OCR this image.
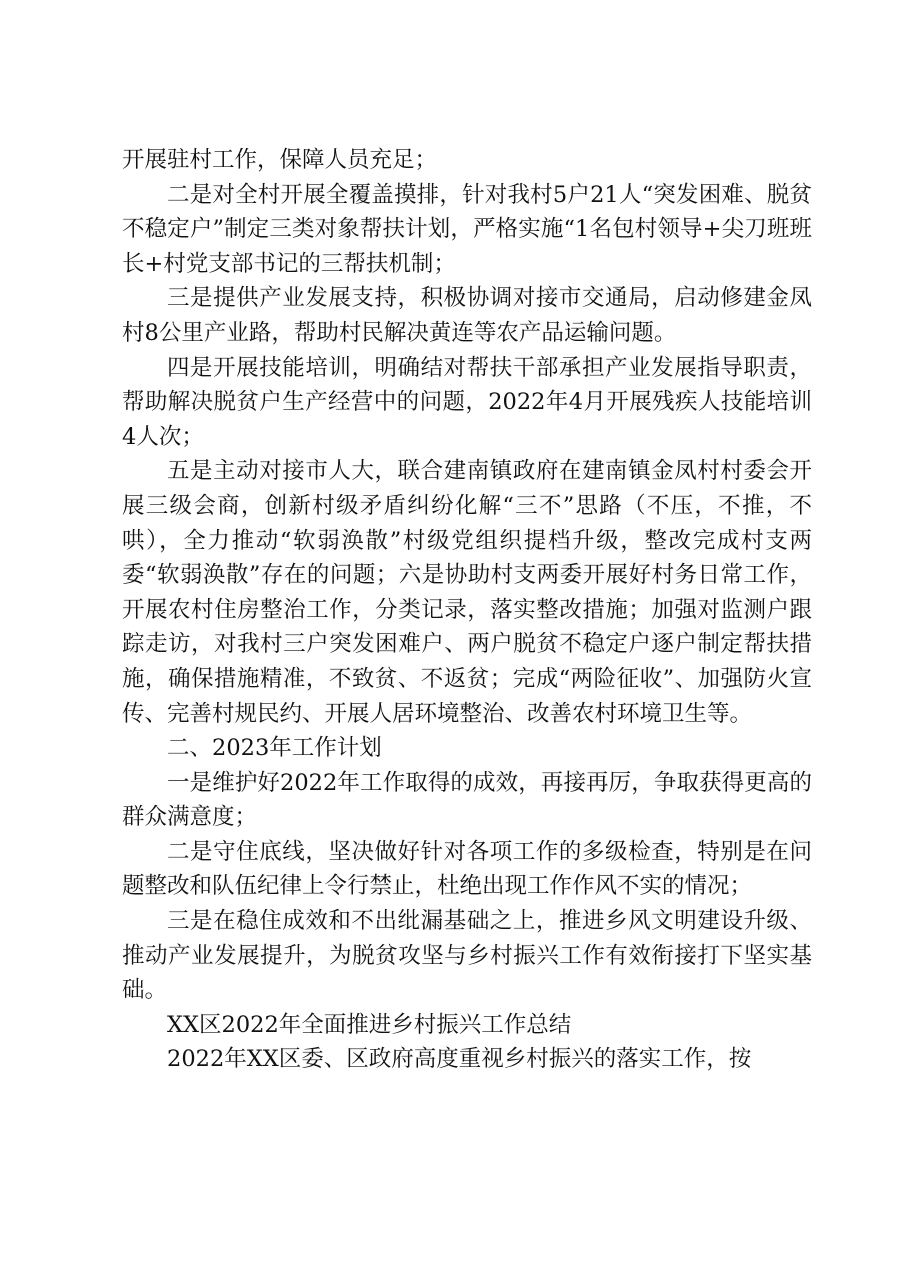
开展驻村工作，保障人员充足；

二是对全村开展全覆盖摸排，针对我村5户21人“突发困难、脱贫不稳定户”制定三类对象帮扶计划，严格实施“1名包村领导+尖刀班班长+村党支部书记的三帮扶机制；

三是提供产业发展支持，积极协调对接市交通局，启动修建金凤村8公里产业路，帮助村民解决黄连等农产品运输问题。

四是开展技能培训，明确结对帮扶干部承担产业发展指导职责，帮助解决脱贫户生产经营中的问题，2022年4月开展残疾人技能培训4人次；

五是主动对接市人大，联合建南镇政府在建南镇金凤村村委会开展三级会商，创新村级矛盾纠纷化解“三不”思路（不压，不推，不哄），全力推动“软弱涣散”村级党组织提档升级，整改完成村支两委“软弱涣散”存在的问题；六是协助村支两委开展好村务日常工作，开展农村住房整治工作，分类记录，落实整改措施；加强对监测户跟踪走访，对我村三户突发困难户、两户脱贫不稳定户逐户制定帮扶措施，确保措施精准，不致贫、不返贫；完成“两险征收”、加强防火宣传、完善村规民约、开展人居环境整治、改善农村环境卫生等。

二、2023年工作计划

一是维护好2022年工作取得的成效，再接再厉，争取获得更高的群众满意度；

二是守住底线，坚决做好针对各项工作的多级检查，特别是在问题整改和队伍纪律上令行禁止，杜绝出现工作作风不实的情况；

三是在稳住成效和不出纰漏基础之上，推进乡风文明建设升级、推动产业发展提升，为脱贫攻坚与乡村振兴工作有效衔接打下坚实基础。

XX区2022年全面推进乡村振兴工作总结

2022年XX区委、区政府高度重视乡村振兴的落实工作，按
